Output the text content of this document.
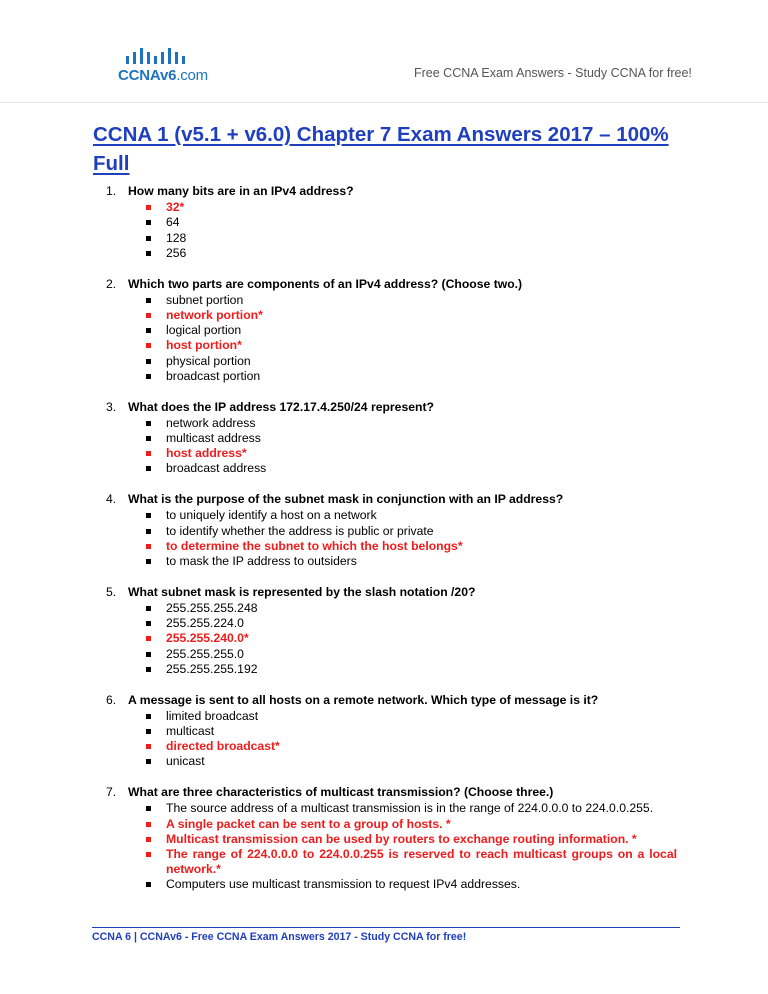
CCNAv6.com	Free CCNA Exam Answers - Study CCNA for free!
CCNA 1 (v5.1 + v6.0) Chapter 7 Exam Answers 2017 – 100% Full
1. How many bits are in an IPv4 address?
32*
64
128
256
2. Which two parts are components of an IPv4 address? (Choose two.)
subnet portion
network portion*
logical portion
host portion*
physical portion
broadcast portion
3. What does the IP address 172.17.4.250/24 represent?
network address
multicast address
host address*
broadcast address
4. What is the purpose of the subnet mask in conjunction with an IP address?
to uniquely identify a host on a network
to identify whether the address is public or private
to determine the subnet to which the host belongs*
to mask the IP address to outsiders
5. What subnet mask is represented by the slash notation /20?
255.255.255.248
255.255.224.0
255.255.240.0*
255.255.255.0
255.255.255.192
6. A message is sent to all hosts on a remote network. Which type of message is it?
limited broadcast
multicast
directed broadcast*
unicast
7. What are three characteristics of multicast transmission? (Choose three.)
The source address of a multicast transmission is in the range of 224.0.0.0 to 224.0.0.255.
A single packet can be sent to a group of hosts. *
Multicast transmission can be used by routers to exchange routing information. *
The range of 224.0.0.0 to 224.0.0.255 is reserved to reach multicast groups on a local network.*
Computers use multicast transmission to request IPv4 addresses.
CCNA 6 | CCNAv6 - Free CCNA Exam Answers 2017 - Study CCNA for free!
